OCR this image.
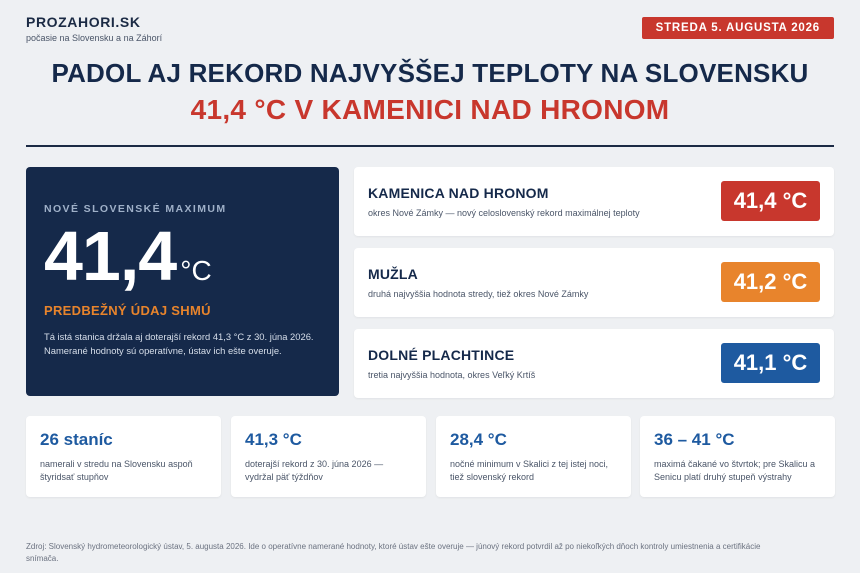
PROZAHORI.SK
počasie na Slovensku a na Záhorí
STREDA 5. AUGUSTA 2026
PADOL AJ REKORD NAJVYŠŠEJ TEPLOTY NA SLOVENSKU
41,4 °C V KAMENICI NAD HRONOM
NOVÉ SLOVENSKÉ MAXIMUM
41,4 °C
PREDBEŽNÝ ÚDAJ SHMÚ
Tá istá stanica držala aj doterajší rekord 41,3 °C z 30. júna 2026.
Namerané hodnoty sú operatívne, ústav ich ešte overuje.
KAMENICA NAD HRONOM
okres Nové Zámky — nový celoslovenský rekord maximálnej teploty	41,4 °C
MUŽLA
druhá najvyššia hodnota stredy, tiež okres Nové Zámky	41,2 °C
DOLNÉ PLACHTINCE
tretia najvyššia hodnota, okres Veľký Krtíš	41,1 °C
26 staníc
namerali v stredu na Slovensku aspoň štyridsať stupňov
41,3 °C
doterajší rekord z 30. júna 2026 — vydržal päť týždňov
28,4 °C
nočné minimum v Skalici z tej istej noci, tiež slovenský rekord
36 – 41 °C
maximá čakané vo štvrtok; pre Skalicu a Senicu platí druhý stupeň výstrahy
Zdroj: Slovenský hydrometeorologický ústav, 5. augusta 2026. Ide o operatívne namerané hodnoty, ktoré ústav ešte overuje — júnový rekord potvrdil až po niekoľkých dňoch kontroly umiestnenia a certifikácie snímača.
